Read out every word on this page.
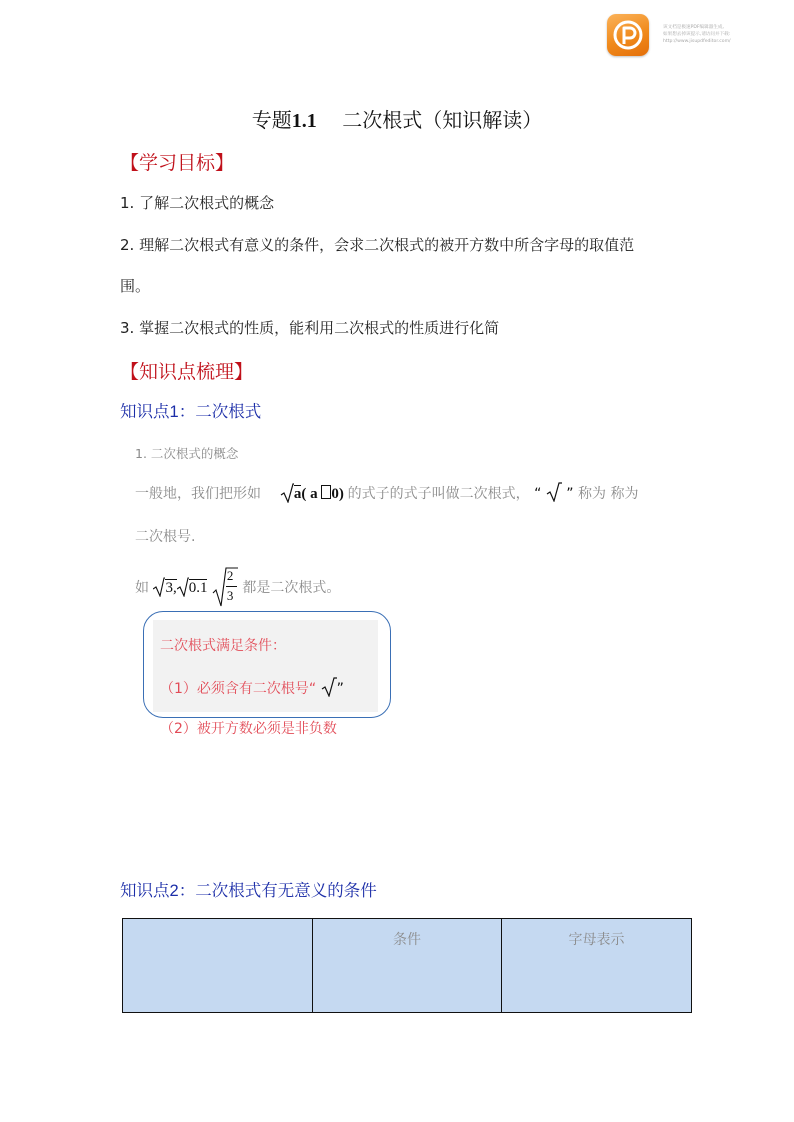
该文档是极速PDF编辑器生成,
如果想去掉该提示,请访问并下载:
http://www.jisupdfeditor.com/
专题1.1 二次根式（知识解读）
【学习目标】
1. 了解二次根式的概念
2. 理解二次根式有意义的条件，会求二次根式的被开方数中所含字母的取值范
围。
3. 掌握二次根式的性质，能利用二次根式的性质进行化简
【知识点梳理】
知识点1：二次根式
1. 二次根式的概念
一般地，我们把形如 a( a 0) 的式子的式子叫做二次根式， “ ” 称为 称为
二次根号.
如 3, $0.1 \frac{2}{3}$ 都是二次根式。
二次根式满足条件：
（1）必须含有二次根号“ ”
（2）被开方数必须是非负数
知识点2：二次根式有无意义的条件
	条件	字母表示
